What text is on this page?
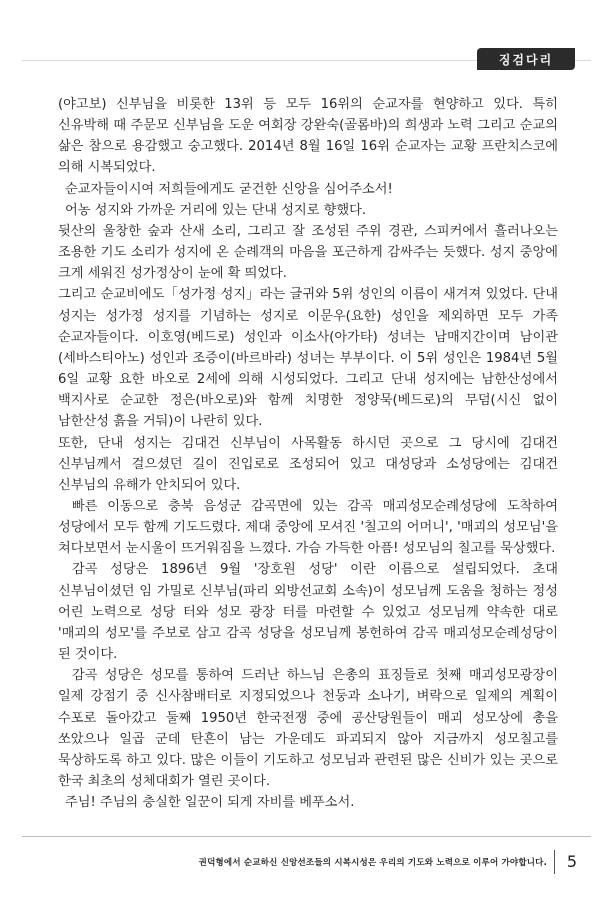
징검다리

(야고보) 신부님을 비롯한 13위 등 모두 16위의 순교자를 현양하고 있다. 특히 신유박해 때 주문모 신부님을 도운 여회장 강완숙(골롬바)의 희생과 노력 그리고 순교의 삶은 참으로 용감했고 숭고했다. 2014년 8월 16일 16위 순교자는 교황 프란치스코에 의해 시복되었다.

순교자들이시여 저희들에게도 굳건한 신앙을 심어주소서!

어농 성지와 가까운 거리에 있는 단내 성지로 향했다.

뒷산의 울창한 숲과 산새 소리, 그리고 잘 조성된 주위 경관, 스피커에서 흘러나오는 조용한 기도 소리가 성지에 온 순례객의 마음을 포근하게 감싸주는 듯했다. 성지 중앙에 크게 세워진 성가정상이 눈에 확 띄었다.

그리고 순교비에도「성가정 성지」라는 글귀와 5위 성인의 이름이 새겨져 있었다. 단내 성지는 성가정 성지를 기념하는 성지로 이문우(요한) 성인을 제외하면 모두 가족 순교자들이다. 이호영(베드로) 성인과 이소사(아가타) 성녀는 남매지간이며 남이관(세바스티아노) 성인과 조증이(바르바라) 성녀는 부부이다. 이 5위 성인은 1984년 5월 6일 교황 요한 바오로 2세에 의해 시성되었다. 그리고 단내 성지에는 남한산성에서 백지사로 순교한 정은(바오로)와 함께 치명한 정양묵(베드로)의 무덤(시신 없이 남한산성 흙을 거둬)이 나란히 있다.

또한, 단내 성지는 김대건 신부님이 사목활동 하시던 곳으로 그 당시에 김대건 신부님께서 걸으셨던 길이 진입로로 조성되어 있고 대성당과 소성당에는 김대건 신부님의 유해가 안치되어 있다.

빠른 이동으로 충북 음성군 감곡면에 있는 감곡 매괴성모순례성당에 도착하여 성당에서 모두 함께 기도드렸다. 제대 중앙에 모셔진 '칠고의 어머니', '매괴의 성모님'을 쳐다보면서 눈시울이 뜨거워짐을 느꼈다. 가슴 가득한 아픔! 성모님의 칠고를 묵상했다.

감곡 성당은 1896년 9월 '장호원 성당' 이란 이름으로 설립되었다. 초대 신부님이셨던 임 가밀로 신부님(파리 외방선교회 소속)이 성모님께 도움을 청하는 정성 어린 노력으로 성당 터와 성모 광장 터를 마련할 수 있었고 성모님께 약속한 대로 '매괴의 성모'를 주보로 삼고 감곡 성당을 성모님께 봉헌하여 감곡 매괴성모순례성당이 된 것이다.

감곡 성당은 성모를 통하여 드러난 하느님 은총의 표징들로 첫째 매괴성모광장이 일제 강점기 중 신사참배터로 지정되었으나 천둥과 소나기, 벼락으로 일제의 계획이 수포로 돌아갔고 둘째 1950년 한국전쟁 중에 공산당원들이 매괴 성모상에 총을 쏘았으나 일곱 군데 탄흔이 남는 가운데도 파괴되지 않아 지금까지 성모칠고를 묵상하도록 하고 있다. 많은 이들이 기도하고 성모님과 관련된 많은 신비가 있는 곳으로 한국 최초의 성체대회가 열린 곳이다.

주님! 주님의 충실한 일꾼이 되게 자비를 베푸소서.

권덕형에서 순교하신 신앙선조들의 시복시성은 우리의 기도와 노력으로 이루어 가야합니다. 5
